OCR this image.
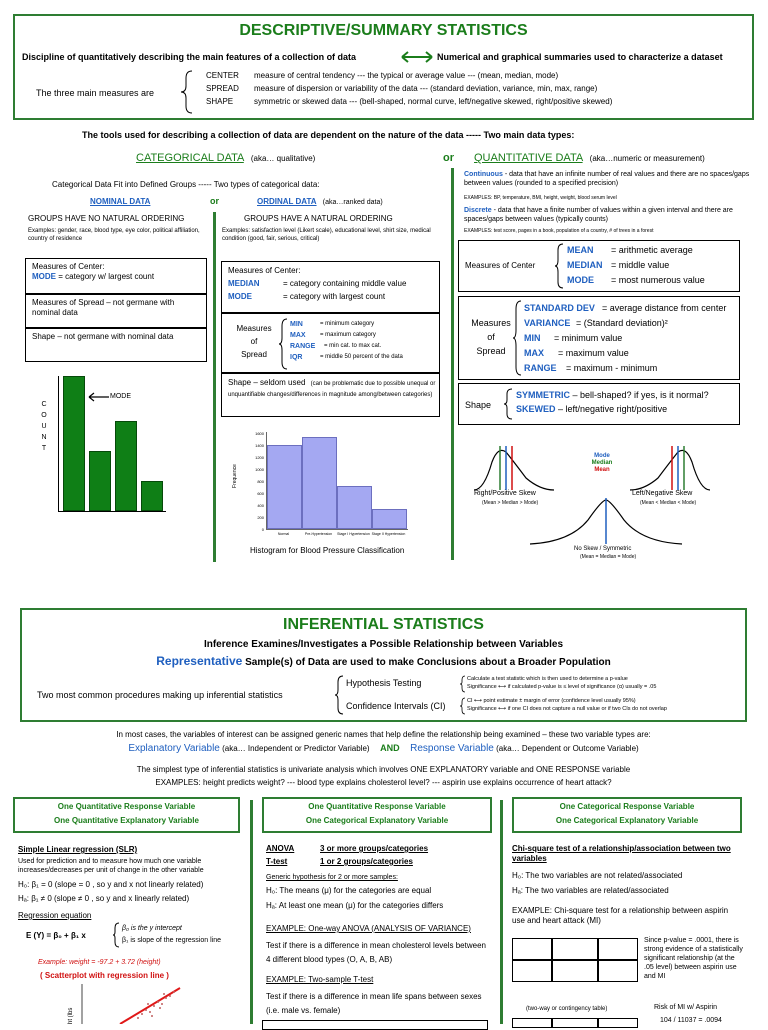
DESCRIPTIVE/SUMMARY STATISTICS
Discipline of quantitatively describing the main features of a collection of data	Numerical and graphical summaries used to characterize a dataset
The three main measures are
CENTER	measure of central tendency --- the typical or average value --- (mean, median, mode)
SPREAD	measure of dispersion or variability of the data --- (standard deviation, variance, min, max, range)
SHAPE	symmetric or skewed data --- (bell-shaped, normal curve, left/negative skewed, right/positive skewed)
The tools used for describing a collection of data are dependent on the nature of the data ----- Two main data types:
CATEGORICAL DATA (aka… qualitative)	or QUANTITATIVE DATA (aka…numeric or measurement)
Categorical Data Fit into Defined Groups ----- Two types of categorical data:
NOMINAL DATA	or	ORDINAL DATA (aka…ranked data)
GROUPS HAVE NO NATURAL ORDERING
Examples: gender, race, blood type, eye color, political affiliation, country of residence
GROUPS HAVE A NATURAL ORDERING
Examples: satisfaction level (Likert scale), educational level, shirt size, medical condition (good, fair, serious, critical)
Measures of Center:
MODE = category w/ largest count
Measures of Spread – not germane with nominal data
Shape – not germane with nominal data
Measures of Center:
MEDIAN	= category containing middle value
MODE	= category with largest count
Measures
of
Spread
MIN	= minimum category
MAX	= maximum category
RANGE	= min cat. to max cat.
IQR	= middle 50 percent of the data
Shape – seldom used (can be problematic due to possible unequal or unquantifiable changes/differences in magnitude among/between categories)
C
O
U
N
T
MODE
Frequence
1600
1400
1200
1000
800
600
400
200
0
Normal	Pre-Hypertension	Stage I Hypertension Stage II Hypertension
Histogram for Blood Pressure Classification
Continuous - data that have an infinite number of real values and there are no spaces/gaps between values (rounded to a specified precision)
EXAMPLES: BP, temperature, BMI, height, weight, blood serum level
Discrete - data that have a finite number of values within a given interval and there are spaces/gaps between values (typically counts)
EXAMPLES: test score, pages in a book, population of a country, # of trees in a forest
Measures of Center
MEAN	= arithmetic average
MEDIAN = middle value
MODE	= most numerous value
Measures
of
Spread
STANDARD DEV = average distance from center
VARIANCE = (Standard deviation)²
MIN	= minimum value
MAX	= maximum value
RANGE	= maximum - minimum
Shape
SYMMETRIC – bell-shaped? if yes, is it normal?
SKEWED – left/negative right/positive
Mode
Median
Mean
Right/Positive Skew
(Mean > Median > Mode)
Left/Negative Skew
(Mean < Median < Mode)
No Skew / Symmetric
(Mean = Median = Mode)
INFERENTIAL STATISTICS
Inference Examines/Investigates a Possible Relationship between Variables
Representative Sample(s) of Data are used to make Conclusions about a Broader Population
Two most common procedures making up inferential statistics
Hypothesis Testing
Confidence Intervals (CI)
Calculate a test statistic which is then used to determine a p-value
Significance ⟷ if calculated p-value is ≤ level of significance (α) usually = .05
CI ⟷ point estimate ± margin of error (confidence level usually 95%)
Significance ⟷ if one CI does not capture a null value or if two CIs do not overlap
In most cases, the variables of interest can be assigned generic names that help define the relationship being examined – these two variable types are:
Explanatory Variable (aka… Independent or Predictor Variable) AND Response Variable (aka… Dependent or Outcome Variable)
The simplest type of inferential statistics is univariate analysis which involves ONE EXPLANATORY variable and ONE RESPONSE variable
EXAMPLES: height predicts weight? --- blood type explains cholesterol level? --- aspirin use explains occurrence of heart attack?
One Quantitative Response Variable
One Quantitative Explanatory Variable
One Quantitative Response Variable
One Categorical Explanatory Variable
One Categorical Response Variable
One Categorical Explanatory Variable
Simple Linear regression (SLR)
Used for prediction and to measure how much one variable increases/decreases per unit of change in the other variable
H₀: β₁ = 0 (slope = 0 , so y and x not linearly related)
Hₐ: β₁ ≠ 0 (slope ≠ 0 , so y and x linearly related)
Regression equation
E (Y) = β₀ + β₁ x
β₀ is the y intercept
β₁ is slope of the regression line
Example: weight = -97.2 + 3.72 (height)
( Scatterplot with regression line )
ht (lbs
ANOVA	3 or more groups/categories
T-test	1 or 2 groups/categories
Generic hypothesis for 2 or more samples:
H₀: The means (μ) for the categories are equal
Hₐ: At least one mean (μ) for the categories differs
EXAMPLE: One-way ANOVA (ANALYSIS OF VARIANCE)
Test if there is a difference in mean cholesterol levels between 4 different blood types (O, A, B, AB)
EXAMPLE: Two-sample T-test
Test if there is a difference in mean life spans between sexes (i.e. male vs. female)
Chi-square test of a relationship/association between two variables
H₀: The two variables are not related/associated
Hₐ: The two variables are related/associated
EXAMPLE: Chi-square test for a relationship between aspirin use and heart attack (MI)
Since p-value = .0001, there is strong evidence of a statistically significant relationship (at the .05 level) between aspirin use and MI
(two-way or contingency table)	Risk of MI w/ Aspirin
104 / 11037 = .0094
